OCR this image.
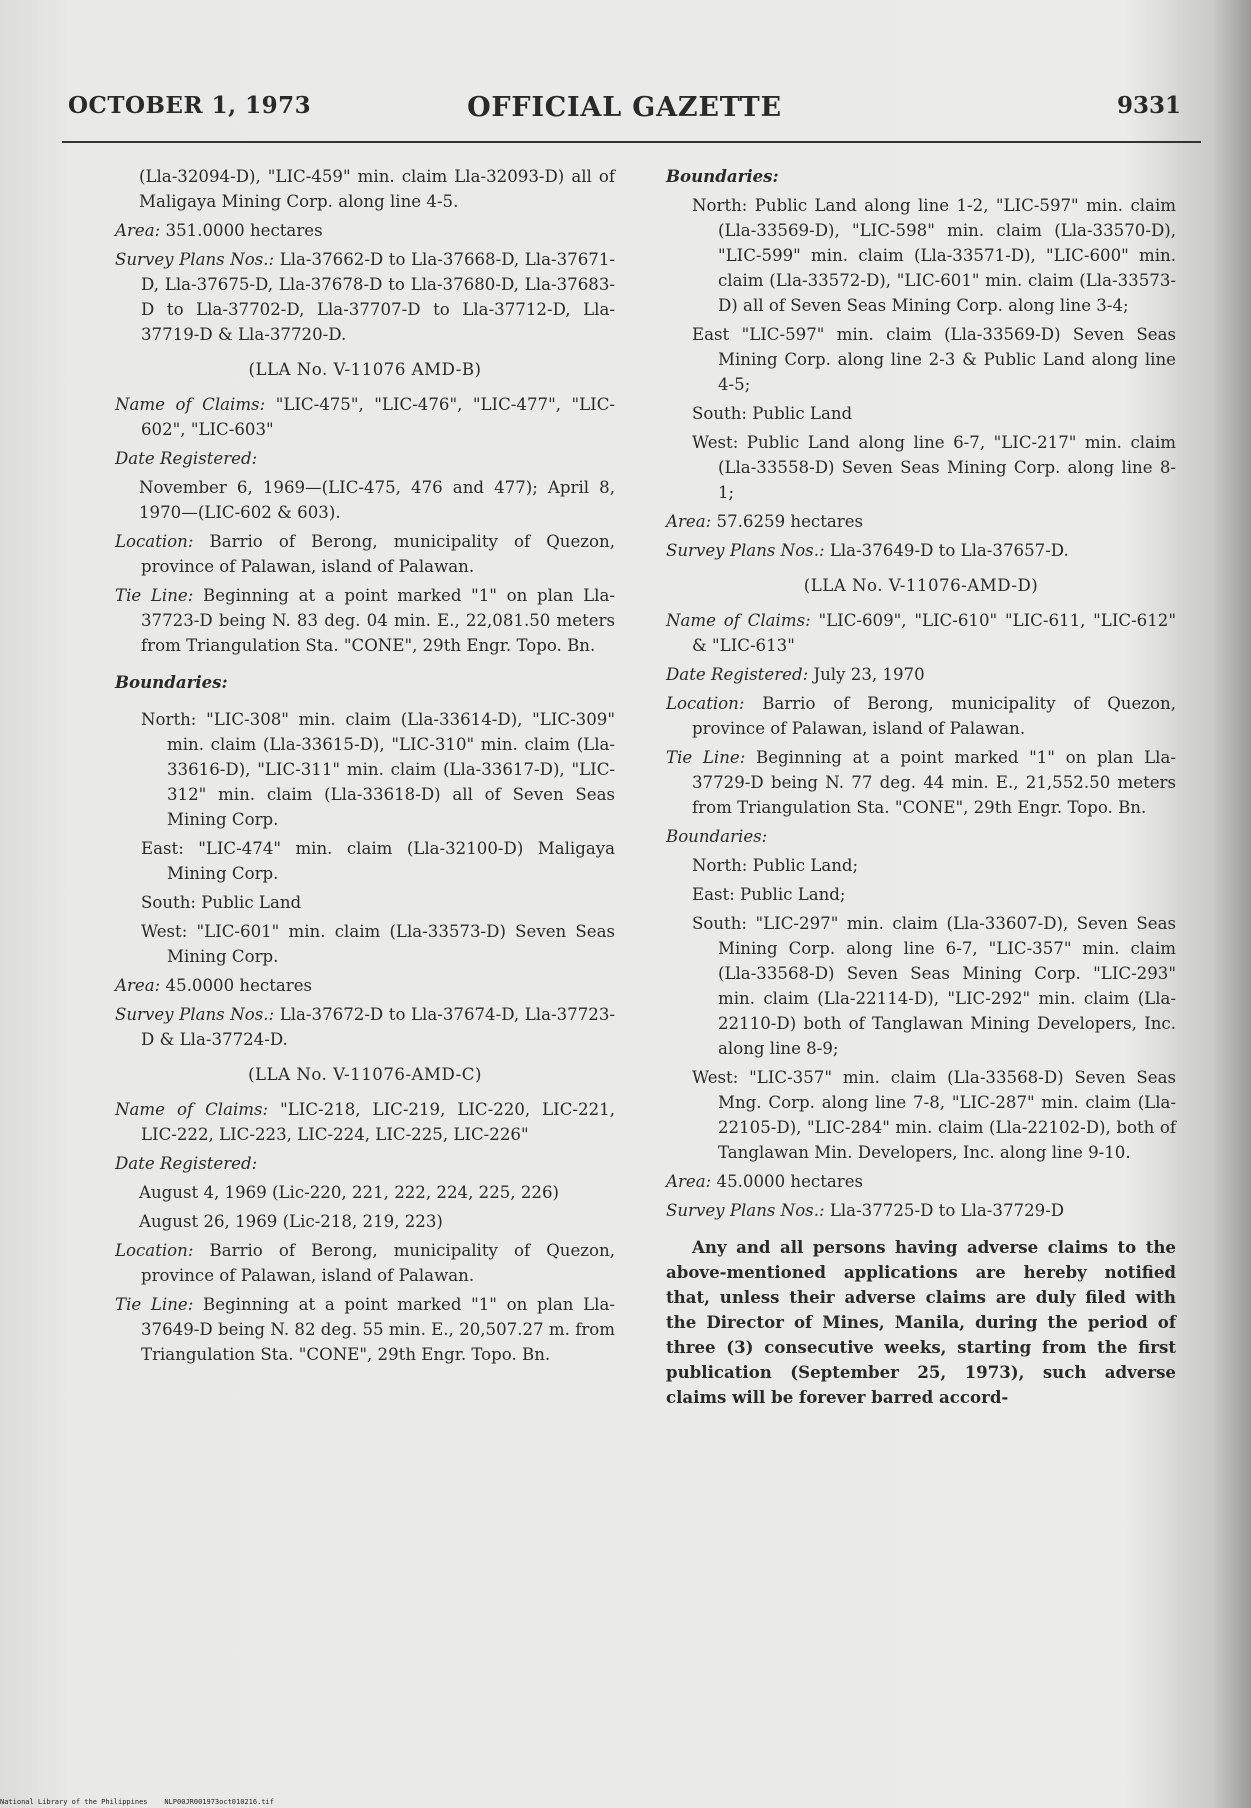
OCTOBER 1, 1973	OFFICIAL GAZETTE	9331
(Lla-32094-D), "LIC-459" min. claim Lla-32093-D) all of Maligaya Mining Corp. along line 4-5.
Area: 351.0000 hectares
Survey Plans Nos.: Lla-37662-D to Lla-37668-D, Lla-37671-D, Lla-37675-D, Lla-37678-D to Lla-37680-D, Lla-37683-D to Lla-37702-D, Lla-37707-D to Lla-37712-D, Lla-37719-D & Lla-37720-D.
(LLA No. V-11076 AMD-B)
Name of Claims: "LIC-475", "LIC-476", "LIC-477", "LIC-602", "LIC-603"
Date Registered:
November 6, 1969—(LIC-475, 476 and 477); April 8, 1970—(LIC-602 & 603).
Location: Barrio of Berong, municipality of Quezon, province of Palawan, island of Palawan.
Tie Line: Beginning at a point marked "1" on plan Lla-37723-D being N. 83 deg. 04 min. E., 22,081.50 meters from Triangulation Sta. "CONE", 29th Engr. Topo. Bn.
Boundaries:
North: "LIC-308" min. claim (Lla-33614-D), "LIC-309" min. claim (Lla-33615-D), "LIC-310" min. claim (Lla-33616-D), "LIC-311" min. claim (Lla-33617-D), "LIC-312" min. claim (Lla-33618-D) all of Seven Seas Mining Corp.
East: "LIC-474" min. claim (Lla-32100-D) Maligaya Mining Corp.
South: Public Land
West: "LIC-601" min. claim (Lla-33573-D) Seven Seas Mining Corp.
Area: 45.0000 hectares
Survey Plans Nos.: Lla-37672-D to Lla-37674-D, Lla-37723-D & Lla-37724-D.
(LLA No. V-11076-AMD-C)
Name of Claims: "LIC-218, LIC-219, LIC-220, LIC-221, LIC-222, LIC-223, LIC-224, LIC-225, LIC-226"
Date Registered:
August 4, 1969 (Lic-220, 221, 222, 224, 225, 226)
August 26, 1969 (Lic-218, 219, 223)
Location: Barrio of Berong, municipality of Quezon, province of Palawan, island of Palawan.
Tie Line: Beginning at a point marked "1" on plan Lla-37649-D being N. 82 deg. 55 min. E., 20,507.27 m. from Triangulation Sta. "CONE", 29th Engr. Topo. Bn.
Boundaries:
North: Public Land along line 1-2, "LIC-597" min. claim (Lla-33569-D), "LIC-598" min. claim (Lla-33570-D), "LIC-599" min. claim (Lla-33571-D), "LIC-600" min. claim (Lla-33572-D), "LIC-601" min. claim (Lla-33573-D) all of Seven Seas Mining Corp. along line 3-4;
East "LIC-597" min. claim (Lla-33569-D) Seven Seas Mining Corp. along line 2-3 & Public Land along line 4-5;
South: Public Land
West: Public Land along line 6-7, "LIC-217" min. claim (Lla-33558-D) Seven Seas Mining Corp. along line 8-1;
Area: 57.6259 hectares
Survey Plans Nos.: Lla-37649-D to Lla-37657-D.
(LLA No. V-11076-AMD-D)
Name of Claims: "LIC-609", "LIC-610" "LIC-611, "LIC-612" & "LIC-613"
Date Registered: July 23, 1970
Location: Barrio of Berong, municipality of Quezon, province of Palawan, island of Palawan.
Tie Line: Beginning at a point marked "1" on plan Lla-37729-D being N. 77 deg. 44 min. E., 21,552.50 meters from Triangulation Sta. "CONE", 29th Engr. Topo. Bn.
Boundaries:
North: Public Land;
East: Public Land;
South: "LIC-297" min. claim (Lla-33607-D), Seven Seas Mining Corp. along line 6-7, "LIC-357" min. claim (Lla-33568-D) Seven Seas Mining Corp. "LIC-293" min. claim (Lla-22114-D), "LIC-292" min. claim (Lla-22110-D) both of Tanglawan Mining Developers, Inc. along line 8-9;
West: "LIC-357" min. claim (Lla-33568-D) Seven Seas Mng. Corp. along line 7-8, "LIC-287" min. claim (Lla-22105-D), "LIC-284" min. claim (Lla-22102-D), both of Tanglawan Min. Developers, Inc. along line 9-10.
Area: 45.0000 hectares
Survey Plans Nos.: Lla-37725-D to Lla-37729-D
Any and all persons having adverse claims to the above-mentioned applications are hereby notified that, unless their adverse claims are duly filed with the Director of Mines, Manila, during the period of three (3) consecutive weeks, starting from the first publication (September 25, 1973), such adverse claims will be forever barred accord-
National Library of the Philippines    NLP00JR001973oct010216.tif
